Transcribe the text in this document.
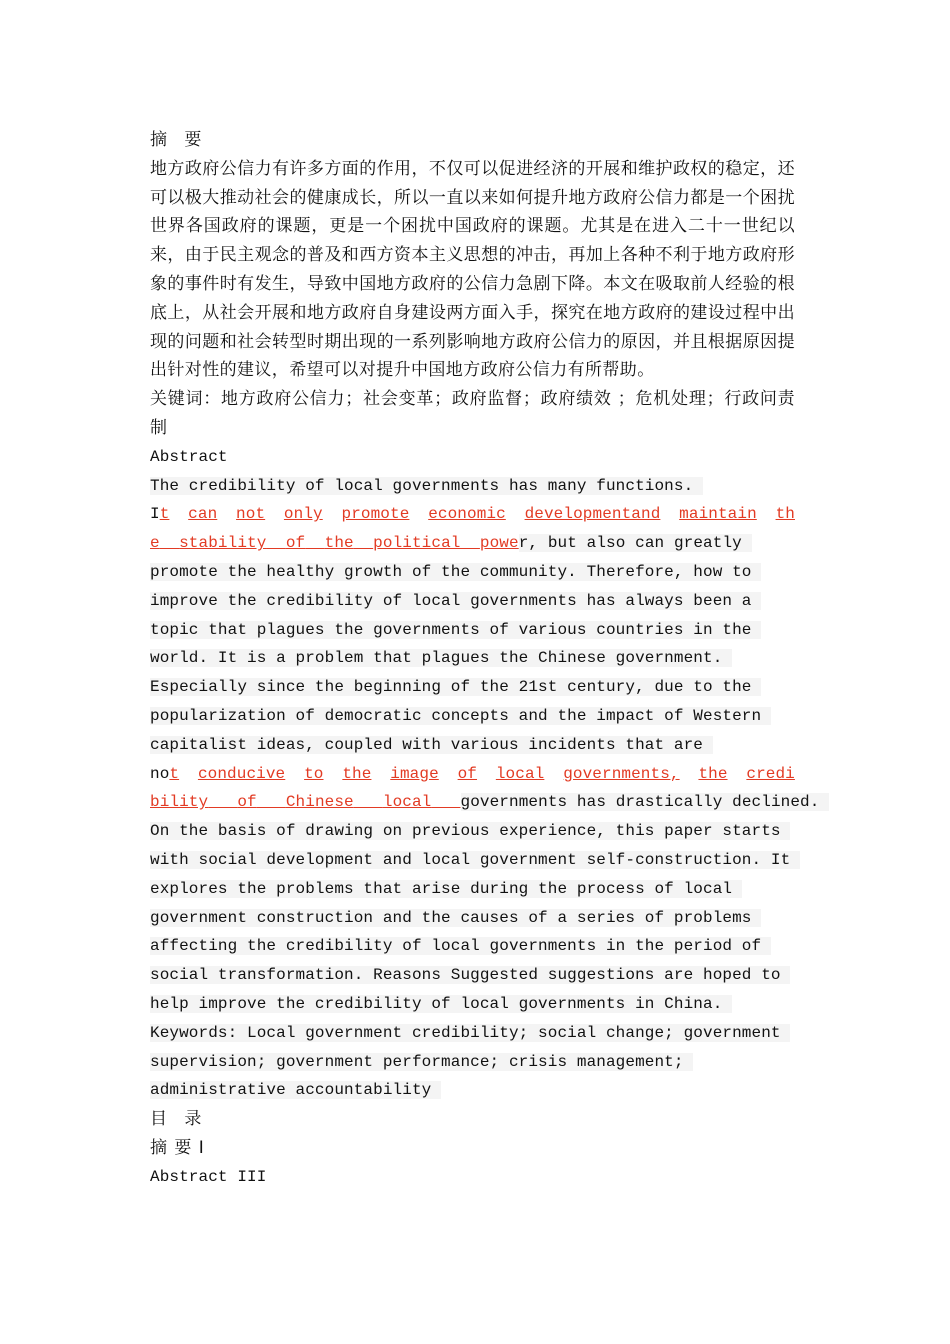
摘 要

地方政府公信力有许多方面的作用，不仅可以促进经济的开展和维护政权的稳定，还可以极大推动社会的健康成长，所以一直以来如何提升地方政府公信力都是一个困扰世界各国政府的课题，更是一个困扰中国政府的课题。尤其是在进入二十一世纪以来，由于民主观念的普及和西方资本主义思想的冲击，再加上各种不利于地方政府形象的事件时有发生，导致中国地方政府的公信力急剧下降。本文在吸取前人经验的根底上，从社会开展和地方政府自身建设两方面入手，探究在地方政府的建设过程中出现的问题和社会转型时期出现的一系列影响地方政府公信力的原因，并且根据原因提出针对性的建议，希望可以对提升中国地方政府公信力有所帮助。

关键词：地方政府公信力；社会变革；政府监督；政府绩效 ；危机处理；行政问责制

Abstract
The credibility of local governments has many functions.
It can not only promote economic developmentand maintain th
e stability of the political power, but also can greatly
promote the healthy growth of the community. Therefore, how to
improve the credibility of local governments has always been a
topic that plagues the governments of various countries in the
world. It is a problem that plagues the Chinese government.
Especially since the beginning of the 21st century, due to the
popularization of democratic concepts and the impact of Western
capitalist ideas, coupled with various incidents that are
not conducive to the image of local governments, the credi
bility of Chinese local governments has drastically declined.
On the basis of drawing on previous experience, this paper starts
with social development and local government self-construction. It
explores the problems that arise during the process of local
government construction and the causes of a series of problems
affecting the credibility of local governments in the period of
social transformation. Reasons Suggested suggestions are hoped to
help improve the credibility of local governments in China.
Keywords: Local government credibility; social change; government
supervision; government performance; crisis management;
administrative accountability

目 录

摘 要 I
Abstract III
